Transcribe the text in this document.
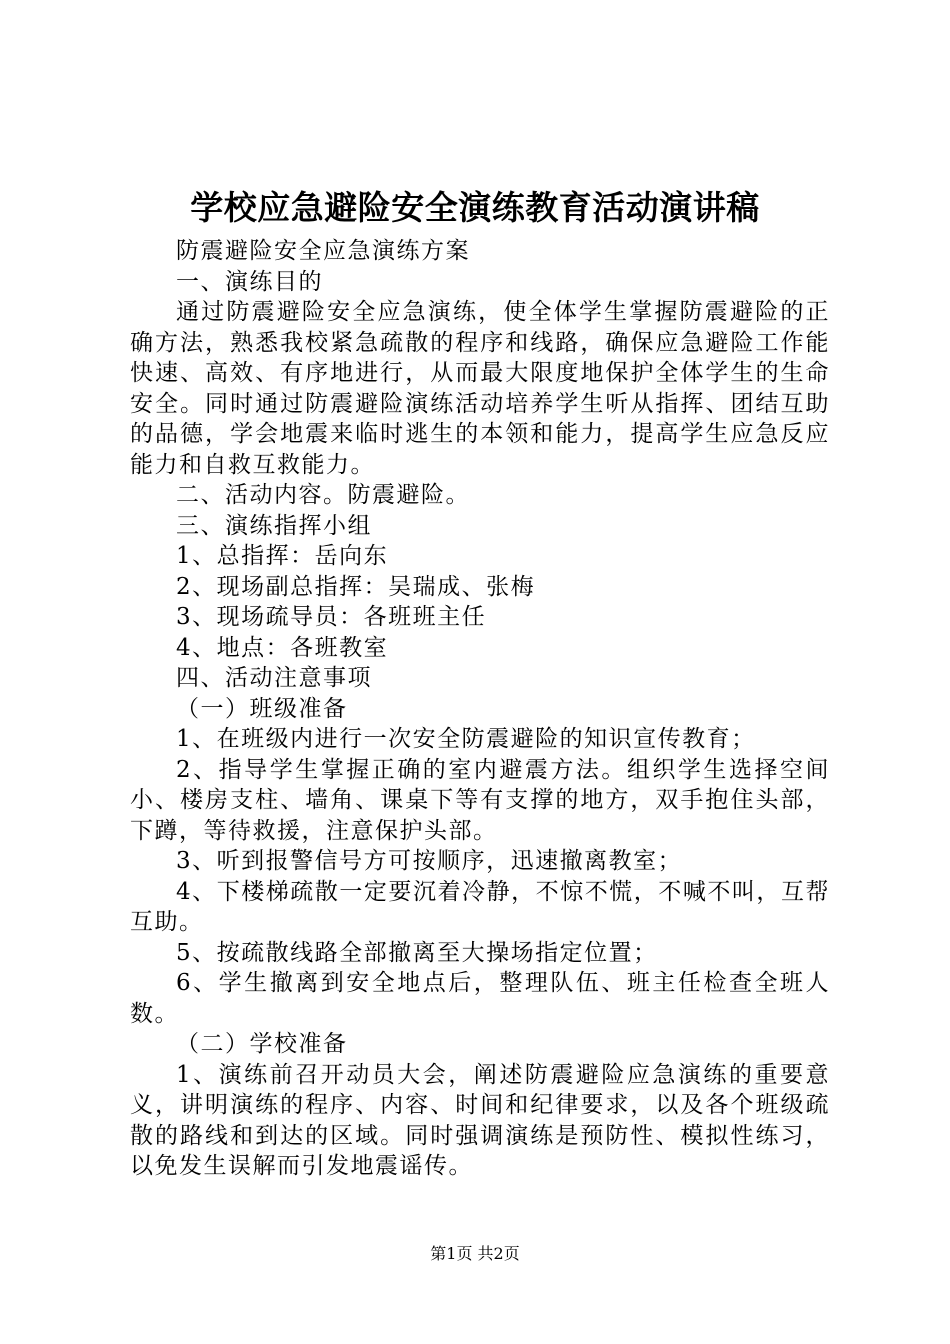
学校应急避险安全演练教育活动演讲稿

防震避险安全应急演练方案

一、演练目的

通过防震避险安全应急演练，使全体学生掌握防震避险的正确方法，熟悉我校紧急疏散的程序和线路，确保应急避险工作能快速、高效、有序地进行，从而最大限度地保护全体学生的生命安全。同时通过防震避险演练活动培养学生听从指挥、团结互助的品德，学会地震来临时逃生的本领和能力，提高学生应急反应能力和自救互救能力。

二、活动内容。防震避险。

三、演练指挥小组

1、总指挥：岳向东

2、现场副总指挥：吴瑞成、张梅

3、现场疏导员：各班班主任

4、地点：各班教室

四、活动注意事项

（一）班级准备

1、在班级内进行一次安全防震避险的知识宣传教育；

2、指导学生掌握正确的室内避震方法。组织学生选择空间小、楼房支柱、墙角、课桌下等有支撑的地方，双手抱住头部，下蹲，等待救援，注意保护头部。

3、听到报警信号方可按顺序，迅速撤离教室；

4、下楼梯疏散一定要沉着冷静，不惊不慌，不喊不叫，互帮互助。

5、按疏散线路全部撤离至大操场指定位置；

6、学生撤离到安全地点后，整理队伍、班主任检查全班人数。

（二）学校准备

1、演练前召开动员大会，阐述防震避险应急演练的重要意义，讲明演练的程序、内容、时间和纪律要求，以及各个班级疏散的路线和到达的区域。同时强调演练是预防性、模拟性练习，以免发生误解而引发地震谣传。

第1页 共2页
